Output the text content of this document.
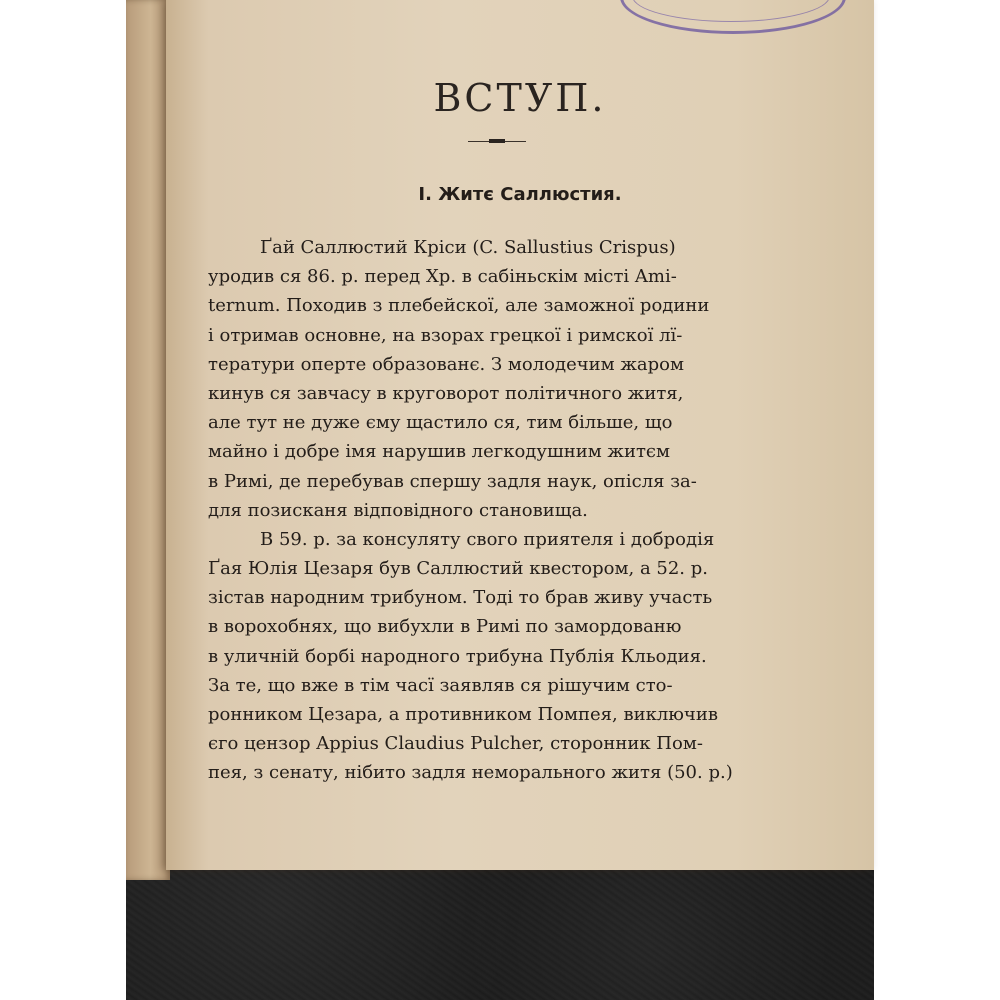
ВСТУП.
І. Житє Саллюстия.
Ґай Саллюстий Кріси (C. Sallustius Crispus)
уродив ся 86. р. перед Хр. в сабіньскім місті Ami-
ternum. Походив з плебейскої, але заможної родини
і отримав основне, на взорах грецкої і римскої лї-
тератури оперте образованє. З молодечим жаром
кинув ся завчасу в круговорот політичного житя,
але тут не дуже єму щастило ся, тим більше, що
майно і добре імя нарушив легкодушним житєм
в Римі, де перебував спершу задля наук, опісля за-
для позисканя відповідного становища.
В 59. р. за консуляту свого приятеля і добродія
Ґая Юлія Цезаря був Саллюстий квестором, а 52. р.
зістав народним трибуном. Тоді то брав живу участь
в ворохобнях, що вибухли в Римі по замордованю
в уличній борбі народного трибуна Публія Кльодия.
За те, що вже в тім часї заявляв ся рішучим сто-
ронником Цезара, а противником Помпея, виключив
єго цензор Appius Claudius Pulcher, сторонник Пом-
пея, з сенату, нібито задля неморального житя (50. р.)
